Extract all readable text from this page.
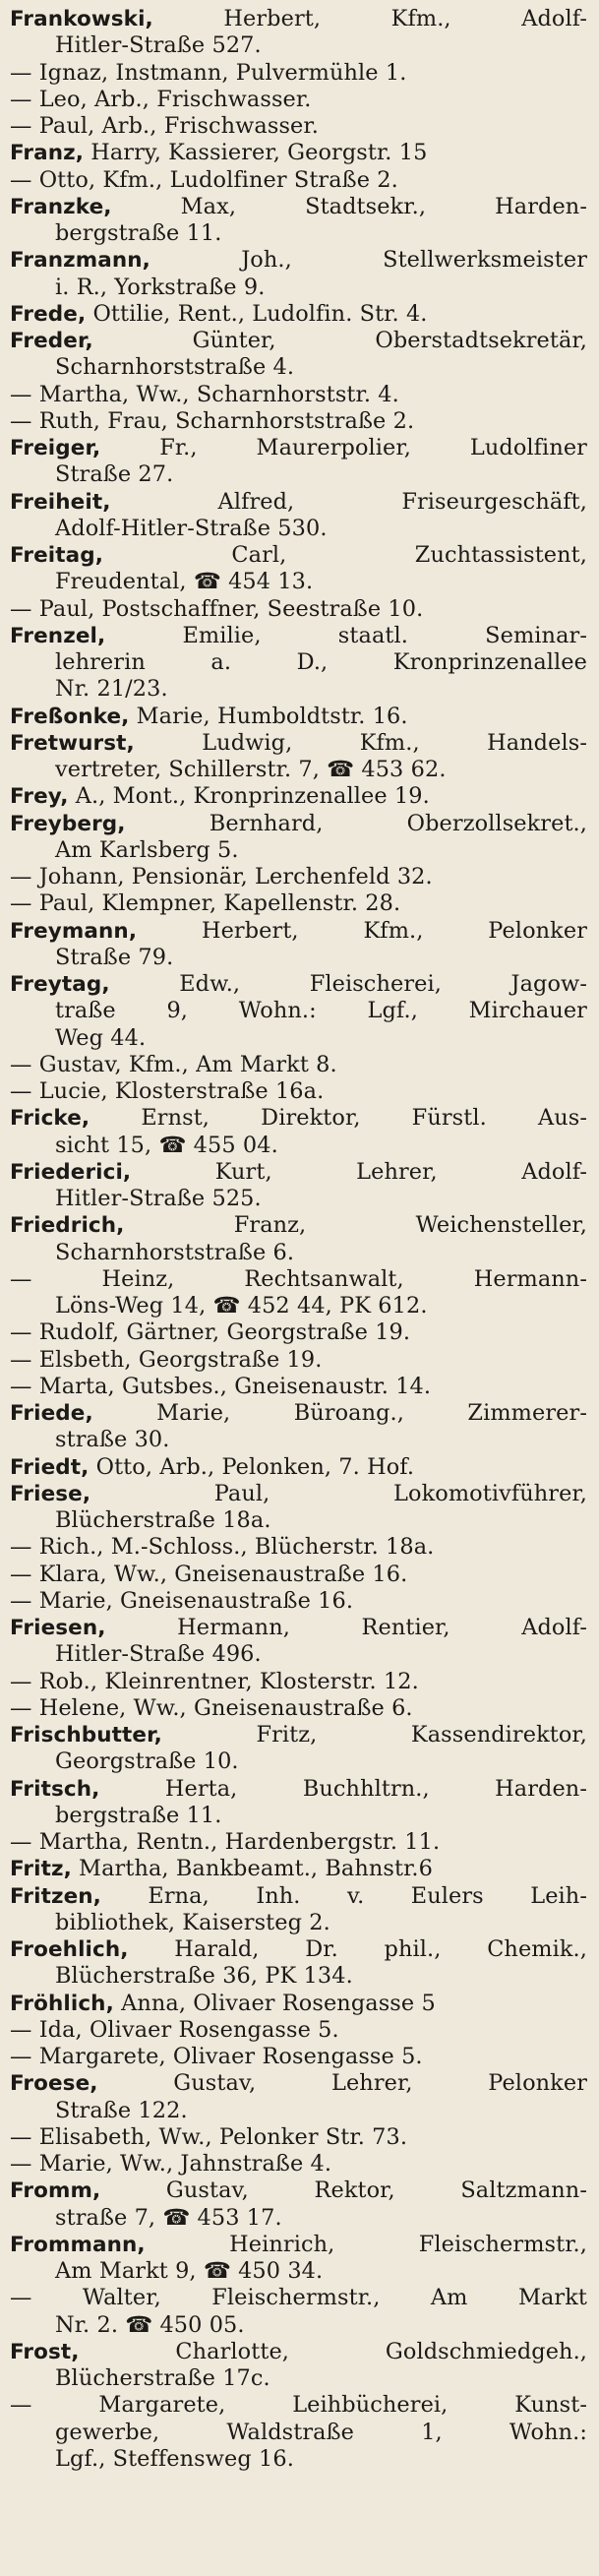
Frankowski, Herbert, Kfm., Adolf-
Hitler-Straße 527.

— Ignaz, Instmann, Pulvermühle 1.

— Leo, Arb., Frischwasser.

— Paul, Arb., Frischwasser.

Franz, Harry, Kassierer, Georgstr. 15

— Otto, Kfm., Ludolfiner Straße 2.

Franzke, Max, Stadtsekr., Harden-
bergstraße 11.

Franzmann, Joh., Stellwerksmeister
i. R., Yorkstraße 9.

Frede, Ottilie, Rent., Ludolfin. Str. 4.

Freder, Günter, Oberstadtsekretär,
Scharnhorststraße 4.

— Martha, Ww., Scharnhorststr. 4.

— Ruth, Frau, Scharnhorststraße 2.

Freiger, Fr., Maurerpolier, Ludolfiner
Straße 27.

Freiheit, Alfred, Friseurgeschäft,
Adolf-Hitler-Straße 530.

Freitag, Carl, Zuchtassistent,
Freudental, ☎ 454 13.

— Paul, Postschaffner, Seestraße 10.

Frenzel, Emilie, staatl. Seminar-
lehrerin a. D., Kronprinzenallee
Nr. 21/23.

Freßonke, Marie, Humboldtstr. 16.

Fretwurst, Ludwig, Kfm., Handels-
vertreter, Schillerstr. 7, ☎ 453 62.

Frey, A., Mont., Kronprinzenallee 19.

Freyberg, Bernhard, Oberzollsekret.,
Am Karlsberg 5.

— Johann, Pensionär, Lerchenfeld 32.

— Paul, Klempner, Kapellenstr. 28.

Freymann, Herbert, Kfm., Pelonker
Straße 79.

Freytag, Edw., Fleischerei, Jagow-
traße 9, Wohn.: Lgf., Mirchauer
Weg 44.

— Gustav, Kfm., Am Markt 8.

— Lucie, Klosterstraße 16a.

Fricke, Ernst, Direktor, Fürstl. Aus-
sicht 15, ☎ 455 04.

Friederici, Kurt, Lehrer, Adolf-
Hitler-Straße 525.

Friedrich, Franz, Weichensteller,
Scharnhorststraße 6.

— Heinz, Rechtsanwalt, Hermann-
Löns-Weg 14, ☎ 452 44, PK 612.

— Rudolf, Gärtner, Georgstraße 19.

— Elsbeth, Georgstraße 19.

— Marta, Gutsbes., Gneisenaustr. 14.

Friede, Marie, Büroang., Zimmerer-
straße 30.

Friedt, Otto, Arb., Pelonken, 7. Hof.

Friese, Paul, Lokomotivführer,
Blücherstraße 18a.

— Rich., M.-Schloss., Blücherstr. 18a.

— Klara, Ww., Gneisenaustraße 16.

— Marie, Gneisenaustraße 16.

Friesen, Hermann, Rentier, Adolf-
Hitler-Straße 496.

— Rob., Kleinrentner, Klosterstr. 12.

— Helene, Ww., Gneisenaustraße 6.

Frischbutter, Fritz, Kassendirektor,
Georgstraße 10.

Fritsch, Herta, Buchhltrn., Harden-
bergstraße 11.

— Martha, Rentn., Hardenbergstr. 11.

Fritz, Martha, Bankbeamt., Bahnstr.6

Fritzen, Erna, Inh. v. Eulers Leih-
bibliothek, Kaiserstеg 2.

Froehlich, Harald, Dr. phil., Chemik.,
Blücherstraße 36, PK 134.

Fröhlich, Anna, Olivaer Rosengasse 5

— Ida, Olivaer Rosengasse 5.

— Margarete, Olivaer Rosengasse 5.

Froese, Gustav, Lehrer, Pelonker
Straße 122.

— Elisabeth, Ww., Pelonker Str. 73.

— Marie, Ww., Jahnstraße 4.

Fromm, Gustav, Rektor, Saltzmann-
straße 7, ☎ 453 17.

Frommann, Heinrich, Fleischermstr.,
Am Markt 9, ☎ 450 34.

— Walter, Fleischermstr., Am Markt
Nr. 2. ☎ 450 05.

Frost, Charlotte, Goldschmiedgeh.,
Blücherstraße 17c.

— Margarete, Leihbücherei, Kunst-
gewerbe, Waldstraße 1, Wohn.:
Lgf., Steffensweg 16.
